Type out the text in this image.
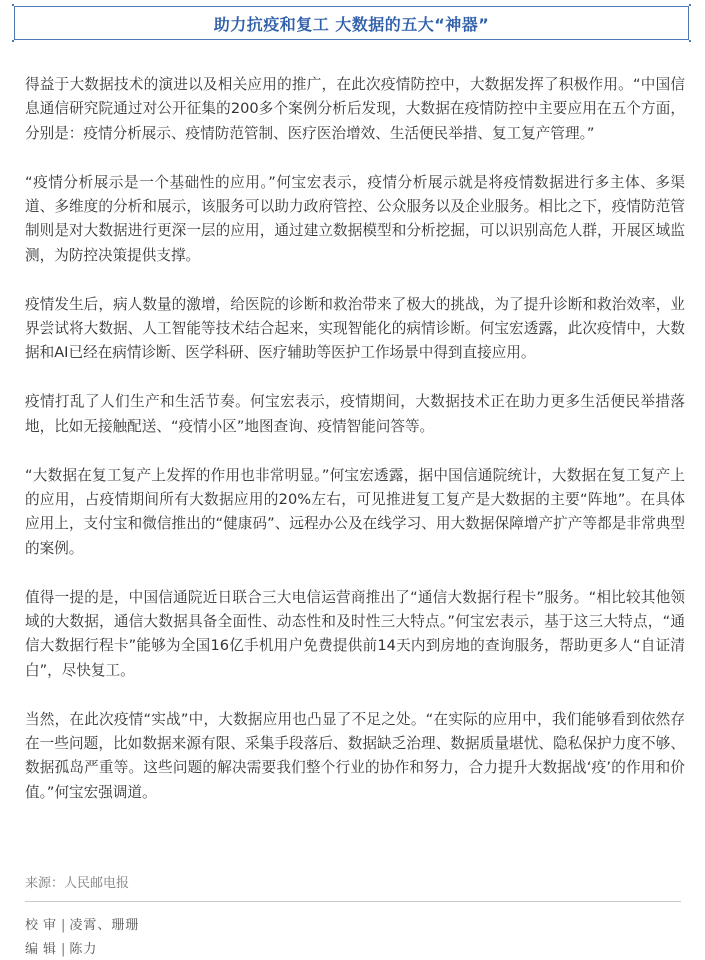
助力抗疫和复工 大数据的五大“神器”

得益于大数据技术的演进以及相关应用的推广，在此次疫情防控中，大数据发挥了积极作用。“中国信息通信研究院通过对公开征集的200多个案例分析后发现，大数据在疫情防控中主要应用在五个方面，分别是：疫情分析展示、疫情防范管制、医疗医治增效、生活便民举措、复工复产管理。”

“疫情分析展示是一个基础性的应用。”何宝宏表示，疫情分析展示就是将疫情数据进行多主体、多渠道、多维度的分析和展示，该服务可以助力政府管控、公众服务以及企业服务。相比之下，疫情防范管制则是对大数据进行更深一层的应用，通过建立数据模型和分析挖掘，可以识别高危人群，开展区域监测，为防控决策提供支撑。

疫情发生后，病人数量的激增，给医院的诊断和救治带来了极大的挑战，为了提升诊断和救治效率，业界尝试将大数据、人工智能等技术结合起来，实现智能化的病情诊断。何宝宏透露，此次疫情中，大数据和AI已经在病情诊断、医学科研、医疗辅助等医护工作场景中得到直接应用。

疫情打乱了人们生产和生活节奏。何宝宏表示，疫情期间，大数据技术正在助力更多生活便民举措落地，比如无接触配送、“疫情小区”地图查询、疫情智能问答等。

“大数据在复工复产上发挥的作用也非常明显。”何宝宏透露，据中国信通院统计，大数据在复工复产上的应用，占疫情期间所有大数据应用的20%左右，可见推进复工复产是大数据的主要“阵地”。在具体应用上，支付宝和微信推出的“健康码”、远程办公及在线学习、用大数据保障增产扩产等都是非常典型的案例。

值得一提的是，中国信通院近日联合三大电信运营商推出了“通信大数据行程卡”服务。“相比较其他领域的大数据，通信大数据具备全面性、动态性和及时性三大特点。”何宝宏表示，基于这三大特点，“通信大数据行程卡”能够为全国16亿手机用户免费提供前14天内到房地的查询服务，帮助更多人“自证清白”，尽快复工。

当然，在此次疫情“实战”中，大数据应用也凸显了不足之处。“在实际的应用中，我们能够看到依然存在一些问题，比如数据来源有限、采集手段落后、数据缺乏治理、数据质量堪忧、隐私保护力度不够、数据孤岛严重等。这些问题的解决需要我们整个行业的协作和努力，合力提升大数据战‘疫’的作用和价值。”何宝宏强调道。

来源：人民邮电报
校审| 凌霄、珊珊
编辑| 陈力
